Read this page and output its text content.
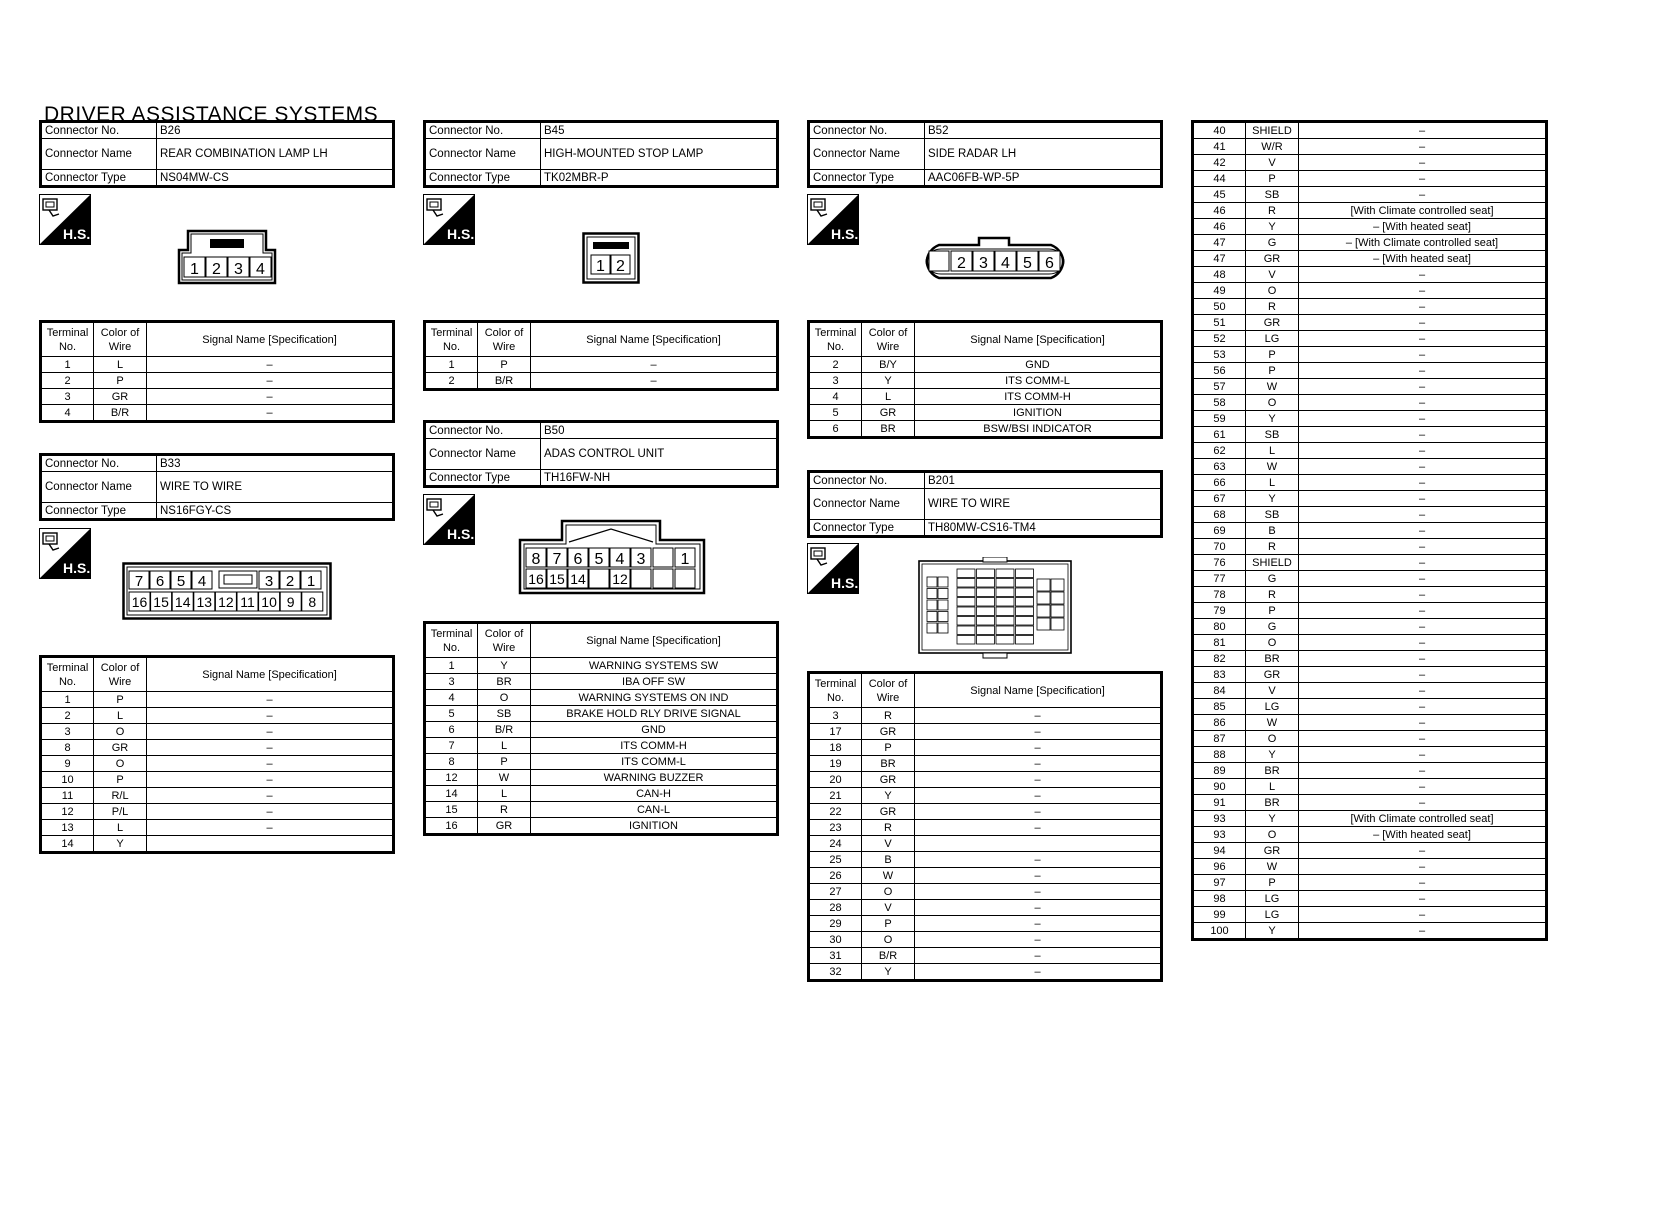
DRIVER ASSISTANCE SYSTEMS
Connector No.	B26
Connector Name	REAR COMBINATION LAMP LH
Connector Type	NS04MW-CS
H.S.
1 2 3 4
Terminal No.	Color of Wire	Signal Name [Specification]
1	L	–
2	P	–
3	GR	–
4	B/R	–
Connector No.	B33
Connector Name	WIRE TO WIRE
Connector Type	NS16FGY-CS
H.S.
7 6 5 4	3 2 1
16 15 14 13 12 11 10 9 8
Terminal No.	Color of Wire	Signal Name [Specification]
1	P	–
2	L	–
3	O	–
8	GR	–
9	O	–
10	P	–
11	R/L	–
12	P/L	–
13	L	–
14	Y	
Connector No.	B45
Connector Name	HIGH-MOUNTED STOP LAMP
Connector Type	TK02MBR-P
H.S.
1 2
Terminal No.	Color of Wire	Signal Name [Specification]
1	P	–
2	B/R	–
Connector No.	B50
Connector Name	ADAS CONTROL UNIT
Connector Type	TH16FW-NH
H.S.
8 7 6 5 4 3 1
16 15 14 12
Terminal No.	Color of Wire	Signal Name [Specification]
1	Y	WARNING SYSTEMS SW
3	BR	IBA OFF SW
4	O	WARNING SYSTEMS ON IND
5	SB	BRAKE HOLD RLY DRIVE SIGNAL
6	B/R	GND
7	L	ITS COMM-H
8	P	ITS COMM-L
12	W	WARNING BUZZER
14	L	CAN-H
15	R	CAN-L
16	GR	IGNITION
Connector No.	B52
Connector Name	SIDE RADAR LH
Connector Type	AAC06FB-WP-5P
H.S.
2 3 4 5 6
Terminal No.	Color of Wire	Signal Name [Specification]
2	B/Y	GND
3	Y	ITS COMM-L
4	L	ITS COMM-H
5	GR	IGNITION
6	BR	BSW/BSI INDICATOR
Connector No.	B201
Connector Name	WIRE TO WIRE
Connector Type	TH80MW-CS16-TM4
H.S.
Terminal No.	Color of Wire	Signal Name [Specification]
3	R	–
17	GR	–
18	P	–
19	BR	–
20	GR	–
21	Y	–
22	GR	–
23	R	–
24	V	
25	B	–
26	W	–
27	O	–
28	V	–
29	P	–
30	O	–
31	B/R	–
32	Y	–
40	SHIELD	–
41	W/R	–
42	V	–
44	P	–
45	SB	–
46	R	[With Climate controlled seat]
46	Y	– [With heated seat]
47	G	– [With Climate controlled seat]
47	GR	– [With heated seat]
48	V	–
49	O	–
50	R	–
51	GR	–
52	LG	–
53	P	–
56	P	–
57	W	–
58	O	–
59	Y	–
61	SB	–
62	L	–
63	W	–
66	L	–
67	Y	–
68	SB	–
69	B	–
70	R	–
76	SHIELD	–
77	G	–
78	R	–
79	P	–
80	G	–
81	O	–
82	BR	–
83	GR	–
84	V	–
85	LG	–
86	W	–
87	O	–
88	Y	–
89	BR	–
90	L	–
91	BR	–
93	Y	[With Climate controlled seat]
93	O	– [With heated seat]
94	GR	–
96	W	–
97	P	–
98	LG	–
99	LG	–
100	Y	–
